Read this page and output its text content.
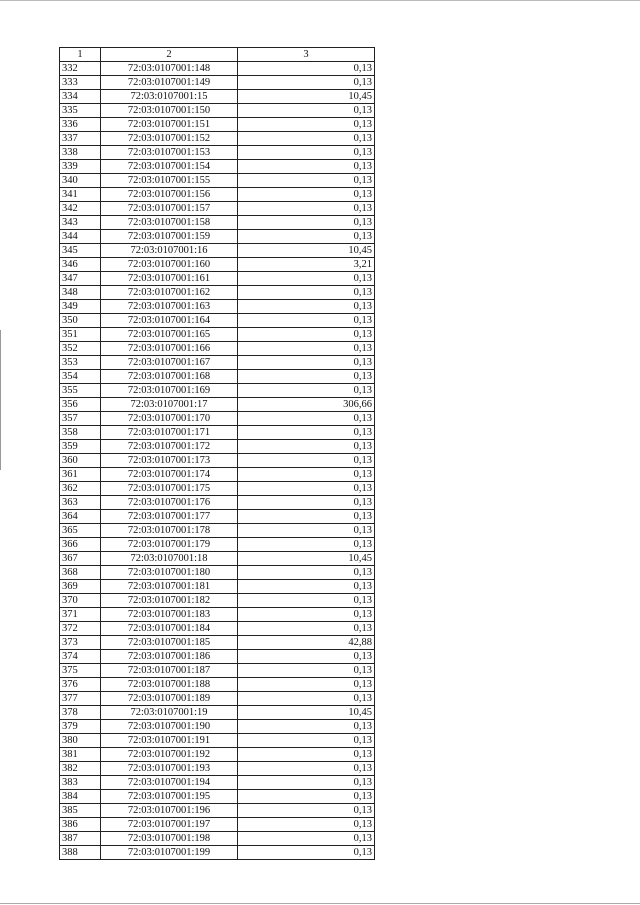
1	2	3
332	72:03:0107001:148	0,13
333	72:03:0107001:149	0,13
334	72:03:0107001:15	10,45
335	72:03:0107001:150	0,13
336	72:03:0107001:151	0,13
337	72:03:0107001:152	0,13
338	72:03:0107001:153	0,13
339	72:03:0107001:154	0,13
340	72:03:0107001:155	0,13
341	72:03:0107001:156	0,13
342	72:03:0107001:157	0,13
343	72:03:0107001:158	0,13
344	72:03:0107001:159	0,13
345	72:03:0107001:16	10,45
346	72:03:0107001:160	3,21
347	72:03:0107001:161	0,13
348	72:03:0107001:162	0,13
349	72:03:0107001:163	0,13
350	72:03:0107001:164	0,13
351	72:03:0107001:165	0,13
352	72:03:0107001:166	0,13
353	72:03:0107001:167	0,13
354	72:03:0107001:168	0,13
355	72:03:0107001:169	0,13
356	72:03:0107001:17	306,66
357	72:03:0107001:170	0,13
358	72:03:0107001:171	0,13
359	72:03:0107001:172	0,13
360	72:03:0107001:173	0,13
361	72:03:0107001:174	0,13
362	72:03:0107001:175	0,13
363	72:03:0107001:176	0,13
364	72:03:0107001:177	0,13
365	72:03:0107001:178	0,13
366	72:03:0107001:179	0,13
367	72:03:0107001:18	10,45
368	72:03:0107001:180	0,13
369	72:03:0107001:181	0,13
370	72:03:0107001:182	0,13
371	72:03:0107001:183	0,13
372	72:03:0107001:184	0,13
373	72:03:0107001:185	42,88
374	72:03:0107001:186	0,13
375	72:03:0107001:187	0,13
376	72:03:0107001:188	0,13
377	72:03:0107001:189	0,13
378	72:03:0107001:19	10,45
379	72:03:0107001:190	0,13
380	72:03:0107001:191	0,13
381	72:03:0107001:192	0,13
382	72:03:0107001:193	0,13
383	72:03:0107001:194	0,13
384	72:03:0107001:195	0,13
385	72:03:0107001:196	0,13
386	72:03:0107001:197	0,13
387	72:03:0107001:198	0,13
388	72:03:0107001:199	0,13
